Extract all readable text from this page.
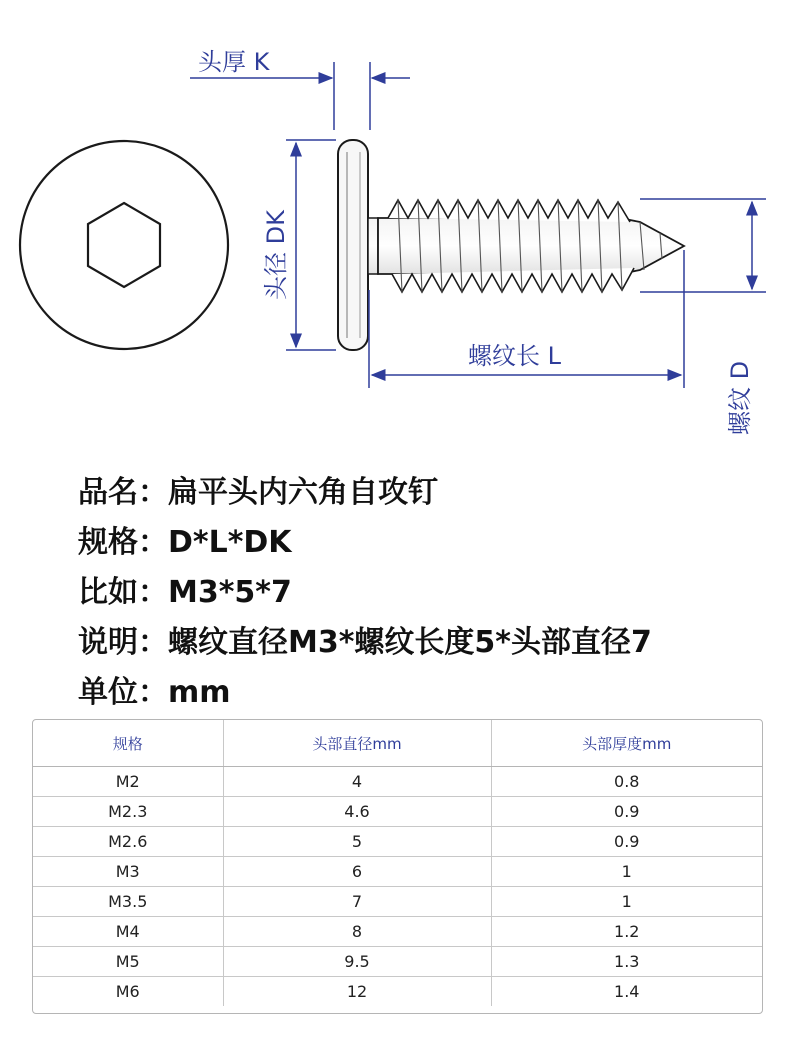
头厚 K
头径 DK
螺纹长 L
螺纹 D
品名：扁平头内六角自攻钉
规格：D*L*DK
比如：M3*5*7
说明：螺纹直径M3*螺纹长度5*头部直径7
单位：mm
规格	头部直径mm	头部厚度mm
M2	4	0.8
M2.3	4.6	0.9
M2.6	5	0.9
M3	6	1
M3.5	7	1
M4	8	1.2
M5	9.5	1.3
M6	12	1.4
